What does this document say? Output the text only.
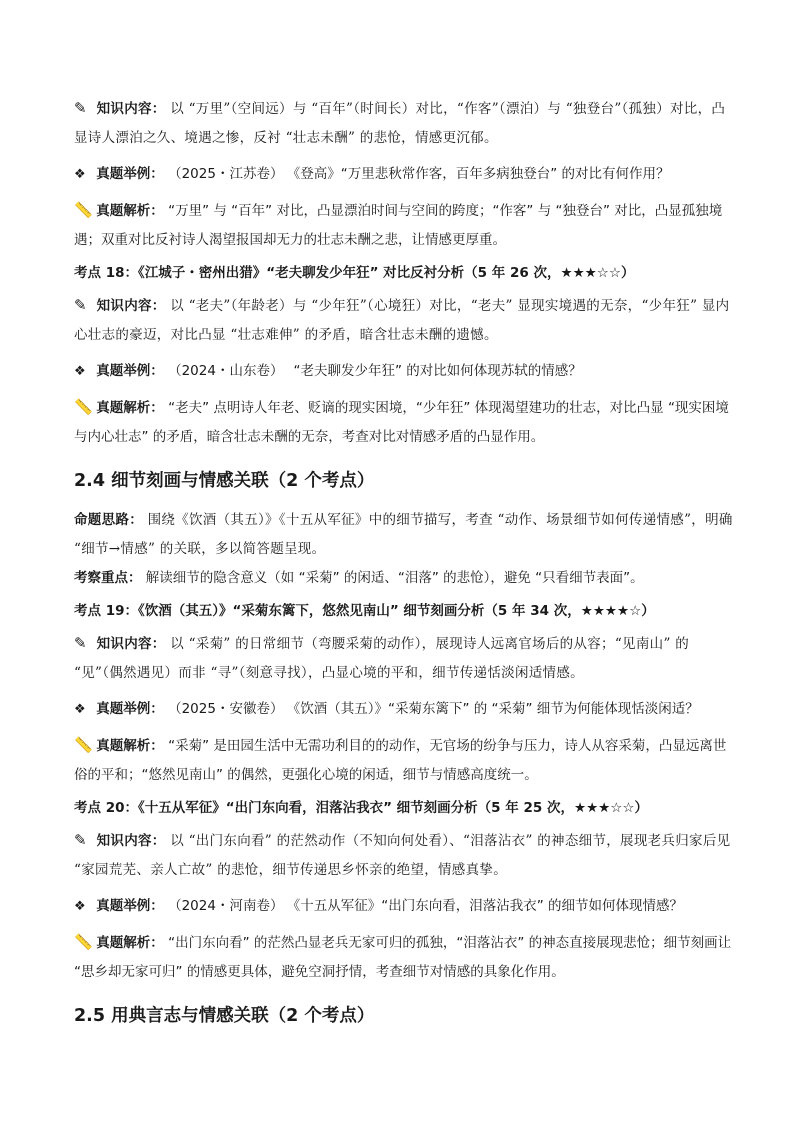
✎ 知识内容： 以 “万里”（空间远）与 “百年”（时间长）对比，“作客”（漂泊）与 “独登台”（孤独）对比，凸显诗人漂泊之久、境遇之惨，反衬 “壮志未酬” 的悲怆，情感更沉郁。

❖ 真题举例： （2025・江苏卷） 《登高》“万里悲秋常作客，百年多病独登台” 的对比有何作用？

📏 真题解析： “万里” 与 “百年” 对比，凸显漂泊时间与空间的跨度；“作客” 与 “独登台” 对比，凸显孤独境遇；双重对比反衬诗人渴望报国却无力的壮志未酬之悲，让情感更厚重。

考点 18：《江城子・密州出猎》“老夫聊发少年狂” 对比反衬分析（5 年 26 次，★★★☆☆）

✎ 知识内容： 以 “老夫”（年龄老）与 “少年狂”（心境狂）对比，“老夫” 显现实境遇的无奈，“少年狂” 显内心壮志的豪迈，对比凸显 “壮志难伸” 的矛盾，暗含壮志未酬的遗憾。

❖ 真题举例： （2024・山东卷） “老夫聊发少年狂” 的对比如何体现苏轼的情感？

📏 真题解析： “老夫” 点明诗人年老、贬谪的现实困境，“少年狂” 体现渴望建功的壮志，对比凸显 “现实困境与内心壮志” 的矛盾，暗含壮志未酬的无奈，考查对比对情感矛盾的凸显作用。

2.4 细节刻画与情感关联（2 个考点）

命题思路： 围绕《饮酒（其五）》《十五从军征》中的细节描写，考查 “动作、场景细节如何传递情感”，明确 “细节→情感” 的关联，多以简答题呈现。

考察重点： 解读细节的隐含意义（如 “采菊” 的闲适、“泪落” 的悲怆），避免 “只看细节表面”。

考点 19：《饮酒（其五）》“采菊东篱下，悠然见南山” 细节刻画分析（5 年 34 次，★★★★☆）

✎ 知识内容： 以 “采菊” 的日常细节（弯腰采菊的动作），展现诗人远离官场后的从容；“见南山” 的 “见”（偶然遇见）而非 “寻”（刻意寻找），凸显心境的平和，细节传递恬淡闲适情感。

❖ 真题举例： （2025・安徽卷） 《饮酒（其五）》“采菊东篱下” 的 “采菊” 细节为何能体现恬淡闲适？

📏 真题解析： “采菊” 是田园生活中无需功利目的的动作，无官场的纷争与压力，诗人从容采菊，凸显远离世俗的平和；“悠然见南山” 的偶然，更强化心境的闲适，细节与情感高度统一。

考点 20：《十五从军征》“出门东向看，泪落沾我衣” 细节刻画分析（5 年 25 次，★★★☆☆）

✎ 知识内容： 以 “出门东向看” 的茫然动作（不知向何处看）、“泪落沾衣” 的神态细节，展现老兵归家后见 “家园荒芜、亲人亡故” 的悲怆，细节传递思乡怀亲的绝望，情感真挚。

❖ 真题举例： （2024・河南卷） 《十五从军征》“出门东向看，泪落沾我衣” 的细节如何体现情感？

📏 真题解析： “出门东向看” 的茫然凸显老兵无家可归的孤独，“泪落沾衣” 的神态直接展现悲怆；细节刻画让 “思乡却无家可归” 的情感更具体，避免空洞抒情，考查细节对情感的具象化作用。

2.5 用典言志与情感关联（2 个考点）
